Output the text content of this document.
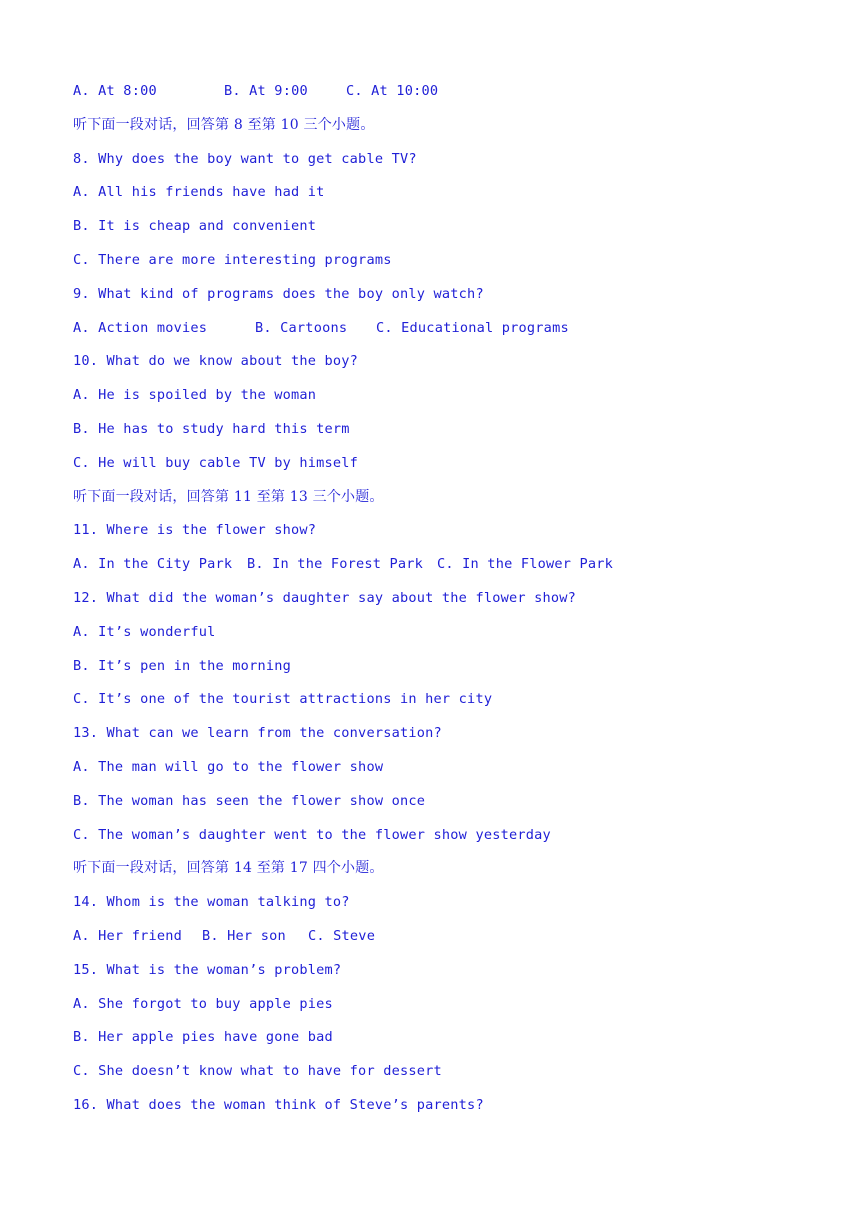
A. At 8:00	B. At 9:00	C. At 10:00
听下面一段对话，回答第 8 至第 10 三个小题。
8. Why does the boy want to get cable TV?
A. All his friends have had it
B. It is cheap and convenient
C. There are more interesting programs
9. What kind of programs does the boy only watch?
A. Action movies	B. Cartoons C. Educational programs
10. What do we know about the boy?
A. He is spoiled by the woman
B. He has to study hard this term
C. He will buy cable TV by himself
听下面一段对话，回答第 11 至第 13 三个小题。
11. Where is the flower show?
A. In the City Park B. In the Forest Park C. In the Flower Park
12. What did the woman’s daughter say about the flower show?
A. It’s wonderful
B. It’s pen in the morning
C. It’s one of the tourist attractions in her city
13. What can we learn from the conversation?
A. The man will go to the flower show
B. The woman has seen the flower show once
C. The woman’s daughter went to the flower show yesterday
听下面一段对话，回答第 14 至第 17 四个小题。
14. Whom is the woman talking to?
A. Her friend B. Her son C. Steve
15. What is the woman’s problem?
A. She forgot to buy apple pies
B. Her apple pies have gone bad
C. She doesn’t know what to have for dessert
16. What does the woman think of Steve’s parents?
